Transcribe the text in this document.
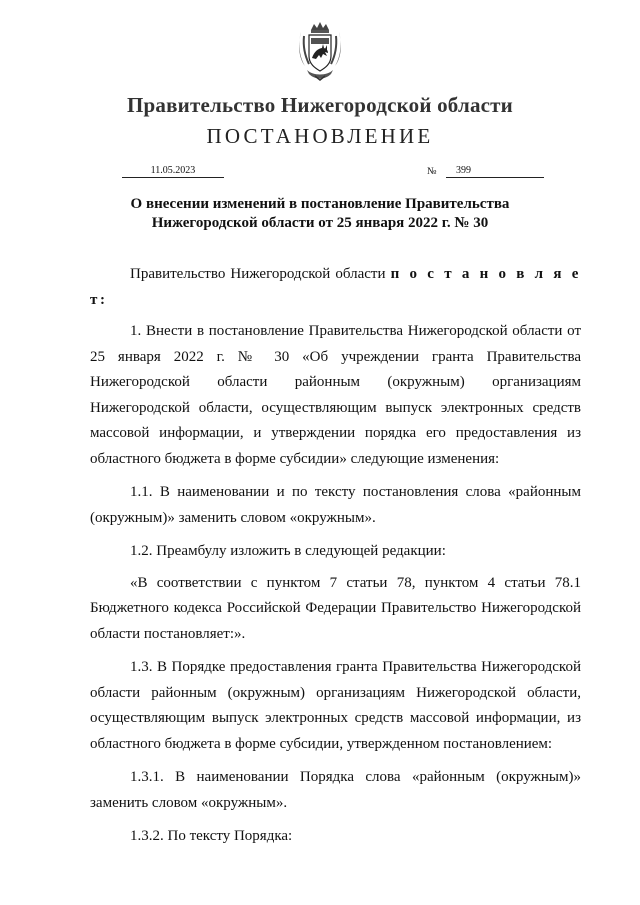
Правительство Нижегородской области
ПОСТАНОВЛЕНИЕ
11.05.2023	№	399
О внесении изменений в постановление Правительства
Нижегородской области от 25 января 2022 г. № 30

Правительство Нижегородской области п о с т а н о в л я е т:

1. Внести в постановление Правительства Нижегородской области от 25 января 2022 г. № 30 «Об учреждении гранта Правительства Нижегородской области районным (окружным) организациям Нижегородской области, осуществляющим выпуск электронных средств массовой информации, и утверждении порядка его предоставления из областного бюджета в форме субсидии» следующие изменения:

1.1. В наименовании и по тексту постановления слова «районным (окружным)» заменить словом «окружным».

1.2. Преамбулу изложить в следующей редакции:

«В соответствии с пунктом 7 статьи 78, пунктом 4 статьи 78.1 Бюджетного кодекса Российской Федерации Правительство Нижегородской области постановляет:».

1.3. В Порядке предоставления гранта Правительства Нижегородской области районным (окружным) организациям Нижегородской области, осуществляющим выпуск электронных средств массовой информации, из областного бюджета в форме субсидии, утвержденном постановлением:

1.3.1. В наименовании Порядка слова «районным (окружным)» заменить словом «окружным».

1.3.2. По тексту Порядка:
